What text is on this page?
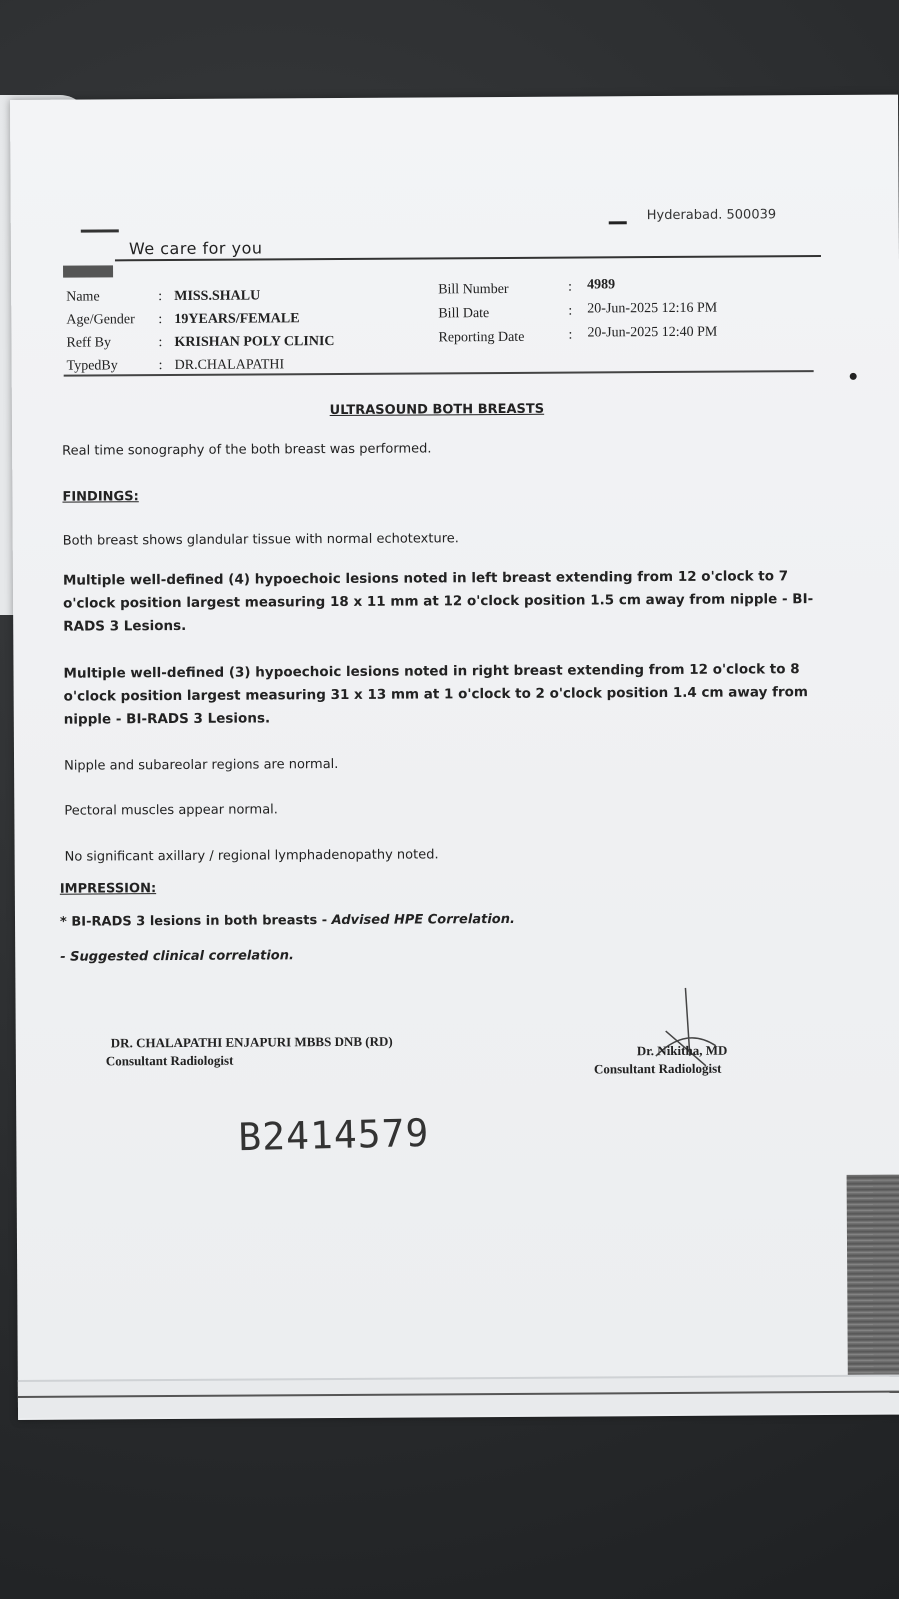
We care for you
Hyderabad. 500039
Name	: MISS.SHALU
Age/Gender : 19YEARS/FEMALE
Reff By	: KRISHAN POLY CLINIC
TypedBy	: DR.CHALAPATHI
Bill Number	: 4989
Bill Date	: 20-Jun-2025 12:16 PM
Reporting Date	: 20-Jun-2025 12:40 PM
ULTRASOUND BOTH BREASTS
Real time sonography of the both breast was performed.
FINDINGS:
Both breast shows glandular tissue with normal echotexture.
Multiple well-defined (4) hypoechoic lesions noted in left breast extending from 12 o'clock to 7 o'clock position largest measuring 18 x 11 mm at 12 o'clock position 1.5 cm away from nipple - BI-RADS 3 Lesions.
Multiple well-defined (3) hypoechoic lesions noted in right breast extending from 12 o'clock to 8 o'clock position largest measuring 31 x 13 mm at 1 o'clock to 2 o'clock position 1.4 cm away from nipple - BI-RADS 3 Lesions.
Nipple and subareolar regions are normal.
Pectoral muscles appear normal.
No significant axillary / regional lymphadenopathy noted.
IMPRESSION:
* BI-RADS 3 lesions in both breasts - Advised HPE Correlation.
- Suggested clinical correlation.
DR. CHALAPATHI ENJAPURI MBBS DNB (RD)
Consultant Radiologist
Dr. Nikitha, MD
Consultant Radiologist
B2414579
